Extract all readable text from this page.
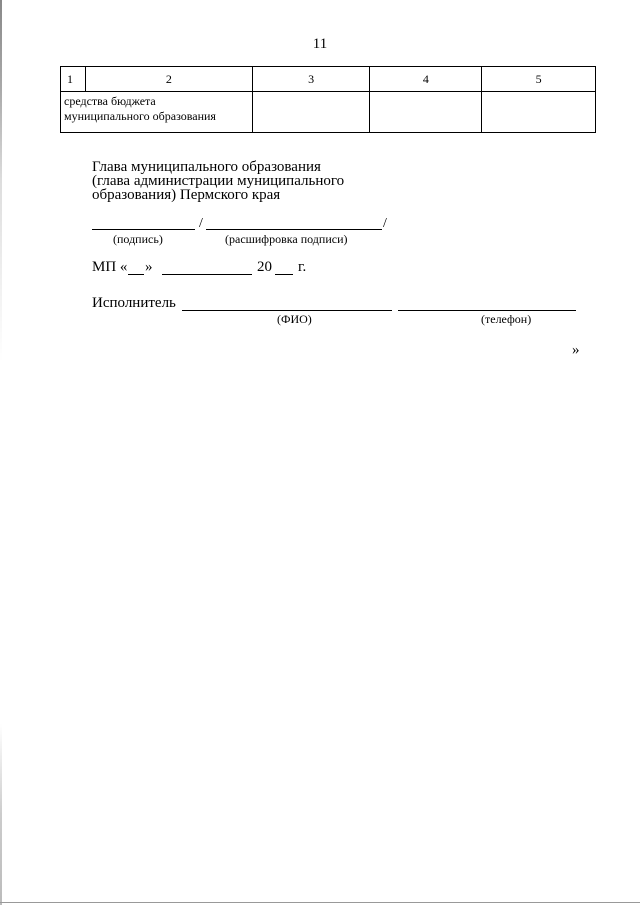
11
1	2	3	4	5

средства бюджета
муниципального образования				

Глава муниципального образования
(глава администрации муниципального
образования) Пермского края
/	/
(подпись)	(расшифровка подписи)
МП « »	20 г.
Исполнитель
(ФИО)	(телефон)
»
